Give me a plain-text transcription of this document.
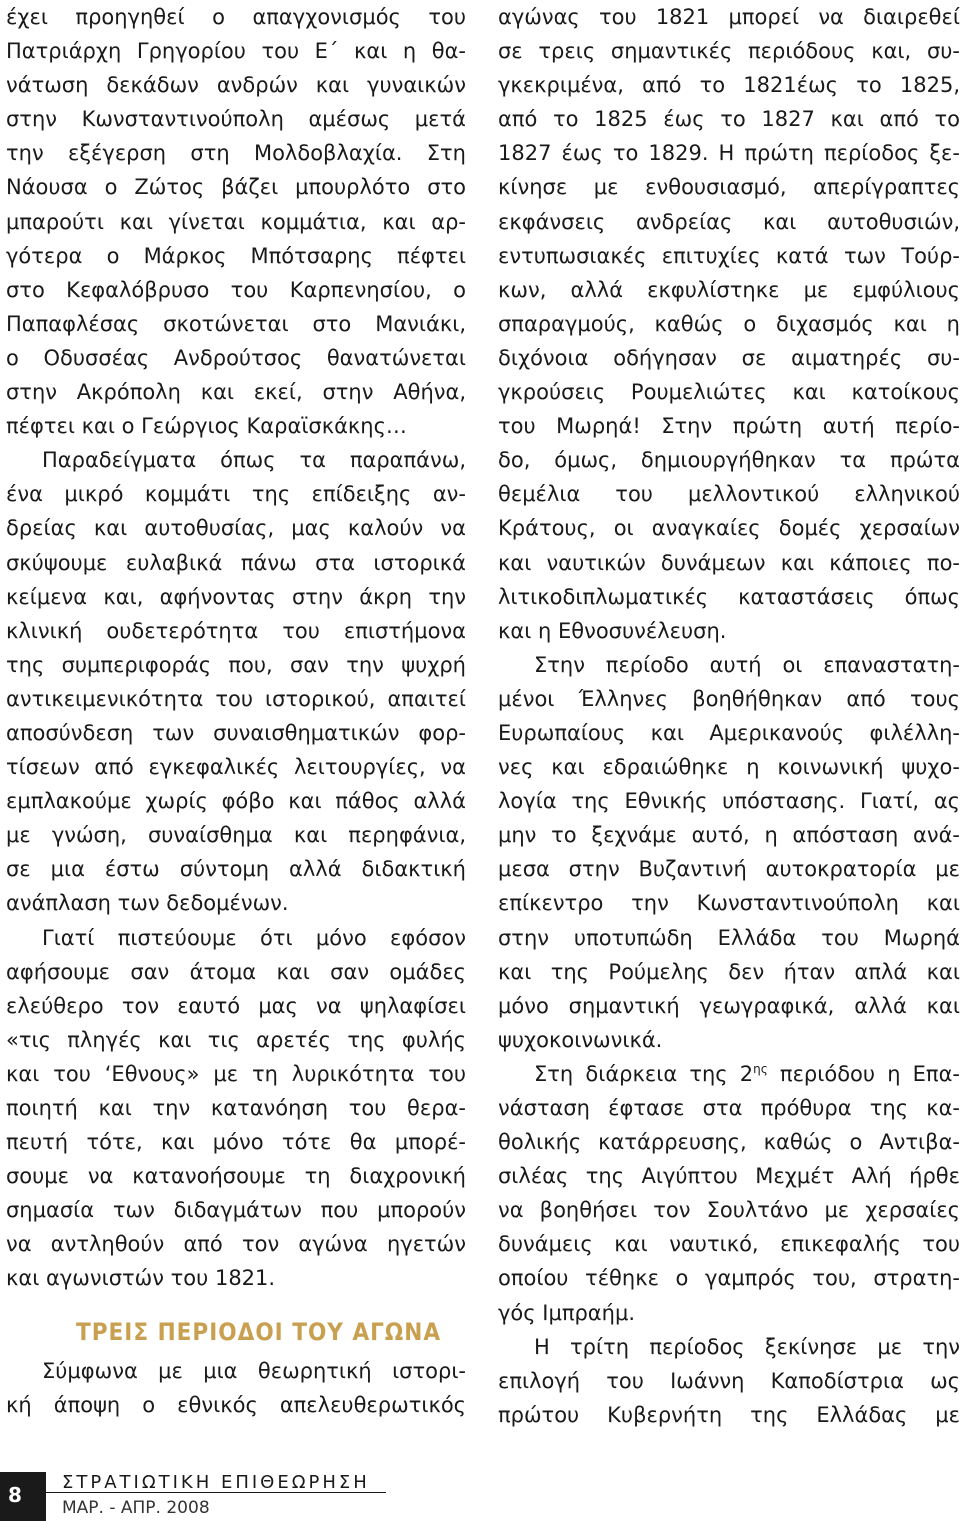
έχει προηγηθεί ο απαγχονισμός του
Πατριάρχη Γρηγορίου του Ε΄ και η θα-
νάτωση δεκάδων ανδρών και γυναικών
στην Κωνσταντινούπολη αμέσως μετά
την εξέγερση στη Μολδοβλαχία. Στη
Νάουσα ο Ζώτος βάζει μπουρλότο στο
μπαρούτι και γίνεται κομμάτια, και αρ-
γότερα ο Μάρκος Μπότσαρης πέφτει
στο Κεφαλόβρυσο του Καρπενησίου, ο
Παπαφλέσας σκοτώνεται στο Μανιάκι,
ο Οδυσσέας Ανδρούτσος θανατώνεται
στην Ακρόπολη και εκεί, στην Αθήνα,
πέφτει και ο Γεώργιος Καραϊσκάκης…
Παραδείγματα όπως τα παραπάνω,
ένα μικρό κομμάτι της επίδειξης αν-
δρείας και αυτοθυσίας, μας καλούν να
σκύψουμε ευλαβικά πάνω στα ιστορικά
κείμενα και, αφήνοντας στην άκρη την
κλινική ουδετερότητα του επιστήμονα
της συμπεριφοράς που, σαν την ψυχρή
αντικειμενικότητα του ιστορικού, απαιτεί
αποσύνδεση των συναισθηματικών φορ-
τίσεων από εγκεφαλικές λειτουργίες, να
εμπλακούμε χωρίς φόβο και πάθος αλλά
με γνώση, συναίσθημα και περηφάνια,
σε μια έστω σύντομη αλλά διδακτική
ανάπλαση των δεδομένων.
Γιατί πιστεύουμε ότι μόνο εφόσον
αφήσουμε σαν άτομα και σαν ομάδες
ελεύθερο τον εαυτό μας να ψηλαφίσει
«τις πληγές και τις αρετές της φυλής
και του ‘Εθνους» με τη λυρικότητα του
ποιητή και την κατανόηση του θερα-
πευτή τότε, και μόνο τότε θα μπορέ-
σουμε να κατανοήσουμε τη διαχρονική
σημασία των διδαγμάτων που μπορούν
να αντληθούν από τον αγώνα ηγετών
και αγωνιστών του 1821.
ΤΡΕΙΣ ΠΕΡΙΟΔΟΙ ΤΟΥ ΑΓΩΝΑ
Σύμφωνα με μια θεωρητική ιστορι-
κή άποψη ο εθνικός απελευθερωτικός
αγώνας του 1821 μπορεί να διαιρεθεί
σε τρεις σημαντικές περιόδους και, συ-
γκεκριμένα, από το 1821έως το 1825,
από το 1825 έως το 1827 και από το
1827 έως το 1829. Η πρώτη περίοδος ξε-
κίνησε με ενθουσιασμό, απερίγραπτες
εκφάνσεις ανδρείας και αυτοθυσιών,
εντυπωσιακές επιτυχίες κατά των Τούρ-
κων, αλλά εκφυλίστηκε με εμφύλιους
σπαραγμούς, καθώς ο διχασμός και η
διχόνοια οδήγησαν σε αιματηρές συ-
γκρούσεις Ρουμελιώτες και κατοίκους
του Μωρηά! Στην πρώτη αυτή περίο-
δο, όμως, δημιουργήθηκαν τα πρώτα
θεμέλια του μελλοντικού ελληνικού
Κράτους, οι αναγκαίες δομές χερσαίων
και ναυτικών δυνάμεων και κάποιες πο-
λιτικοδιπλωματικές καταστάσεις όπως
και η Εθνοσυνέλευση.
Στην περίοδο αυτή οι επαναστατη-
μένοι Έλληνες βοηθήθηκαν από τους
Ευρωπαίους και Αμερικανούς φιλέλλη-
νες και εδραιώθηκε η κοινωνική ψυχο-
λογία της Εθνικής υπόστασης. Γιατί, ας
μην το ξεχνάμε αυτό, η απόσταση ανά-
μεσα στην Βυζαντινή αυτοκρατορία με
επίκεντρο την Κωνσταντινούπολη και
στην υποτυπώδη Ελλάδα του Μωρηά
και της Ρούμελης δεν ήταν απλά και
μόνο σημαντική γεωγραφικά, αλλά και
ψυχοκοινωνικά.
Στη διάρκεια της $2^{\eta\varsigma}$ περιόδου η Επα-
νάσταση έφτασε στα πρόθυρα της κα-
θολικής κατάρρευσης, καθώς ο Αντιβα-
σιλέας της Αιγύπτου Μεχμέτ Αλή ήρθε
να βοηθήσει τον Σουλτάνο με χερσαίες
δυνάμεις και ναυτικό, επικεφαλής του
οποίου τέθηκε ο γαμπρός του, στρατη-
γός Ιμπραήμ.
Η τρίτη περίοδος ξεκίνησε με την
επιλογή του Ιωάννη Καποδίστρια ως
πρώτου Κυβερνήτη της Ελλάδας με
8
ΣΤΡΑΤΙΩΤΙΚΗ ΕΠΙΘΕΩΡΗΣΗ
ΜΑΡ. - ΑΠΡ. 2008
